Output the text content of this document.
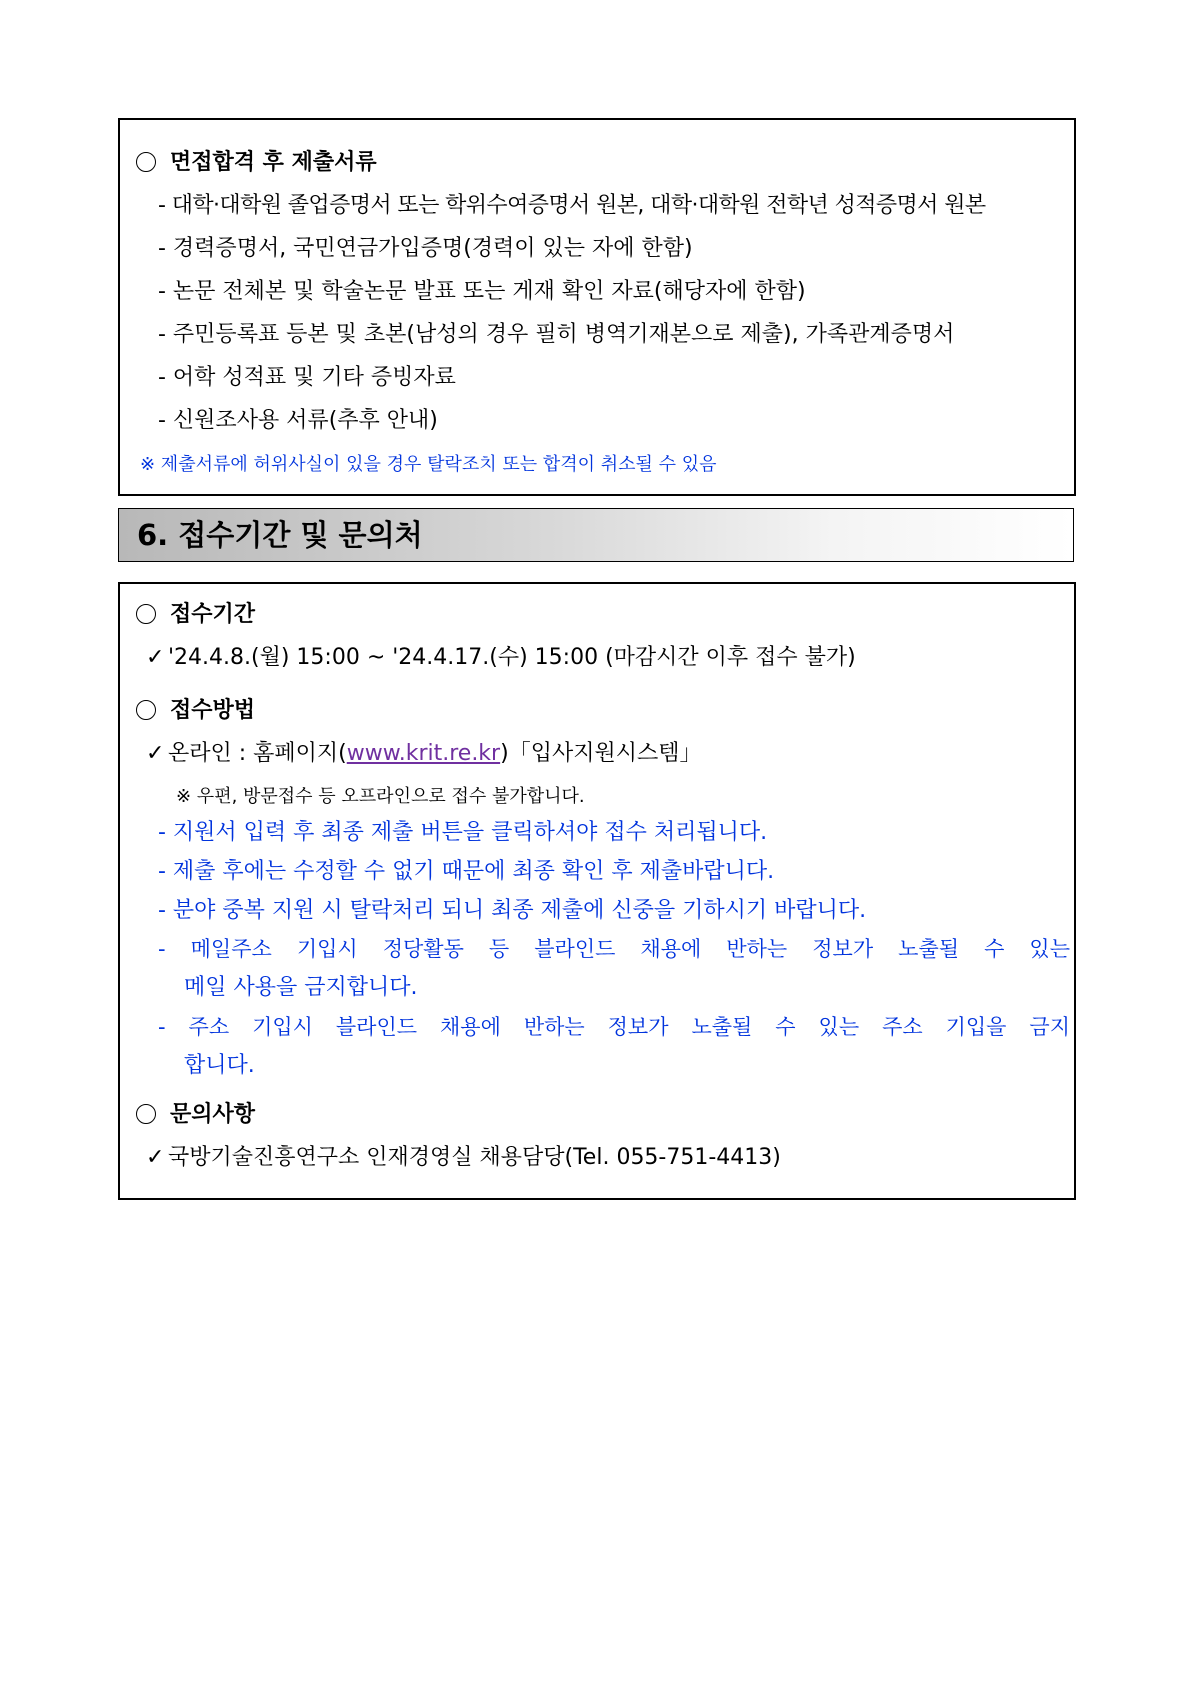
면접합격 후 제출서류
- 대학·대학원 졸업증명서 또는 학위수여증명서 원본, 대학·대학원 전학년 성적증명서 원본
- 경력증명서, 국민연금가입증명(경력이 있는 자에 한함)
- 논문 전체본 및 학술논문 발표 또는 게재 확인 자료(해당자에 한함)
- 주민등록표 등본 및 초본(남성의 경우 필히 병역기재본으로 제출), 가족관계증명서
- 어학 성적표 및 기타 증빙자료
- 신원조사용 서류(추후 안내)
※ 제출서류에 허위사실이 있을 경우 탈락조치 또는 합격이 취소될 수 있음
6. 접수기간 및 문의처
접수기간
✓ '24.4.8.(월) 15:00 ~ '24.4.17.(수) 15:00 (마감시간 이후 접수 불가)
접수방법
✓ 온라인 : 홈페이지(www.krit.re.kr)「입사지원시스템」
※ 우편, 방문접수 등 오프라인으로 접수 불가합니다.
- 지원서 입력 후 최종 제출 버튼을 클릭하셔야 접수 처리됩니다.
- 제출 후에는 수정할 수 없기 때문에 최종 확인 후 제출바랍니다.
- 분야 중복 지원 시 탈락처리 되니 최종 제출에 신중을 기하시기 바랍니다.
- 메일주소 기입시 정당활동 등 블라인드 채용에 반하는 정보가 노출될 수 있는
메일 사용을 금지합니다.
- 주소 기입시 블라인드 채용에 반하는 정보가 노출될 수 있는 주소 기입을 금지
합니다.
문의사항
✓ 국방기술진흥연구소 인재경영실 채용담당(Tel. 055-751-4413)
